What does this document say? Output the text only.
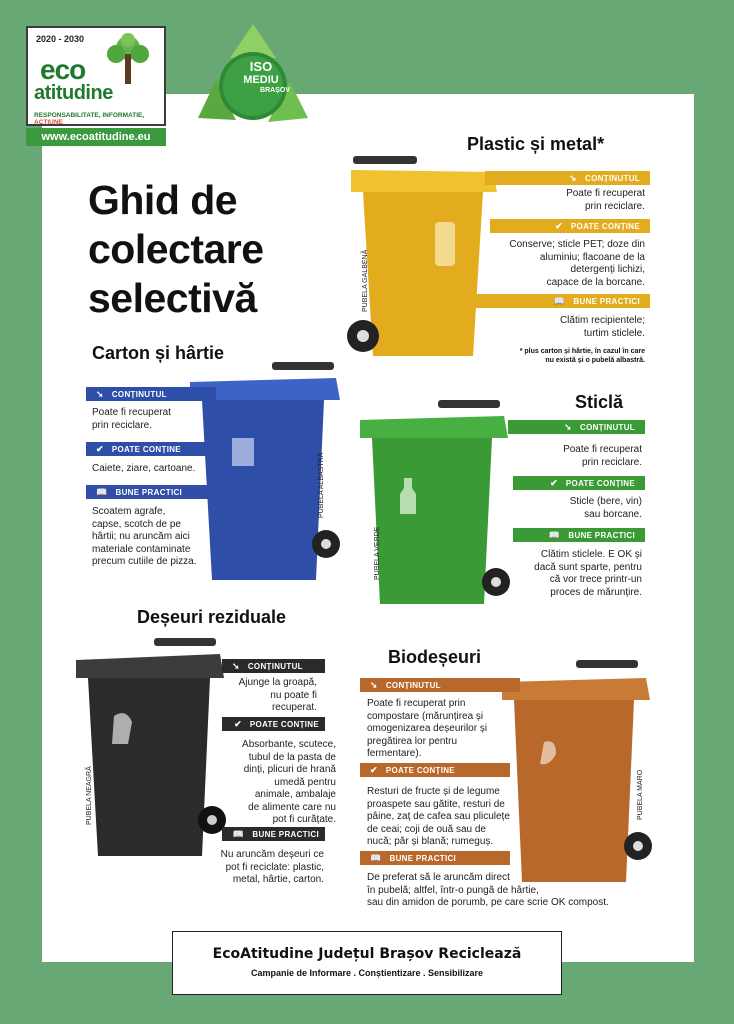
2020 - 2030
eco
atitudine
RESPONSABILITATE, INFORMATIE, ACTIUNE
www.ecoatitudine.eu
ISO
MEDIU
BRAȘOV
Ghid de
colectare
selectivă
Plastic și metal*
PUBELA GALBENĂ
➘ CONȚINUTUL
Poate fi recuperat
prin reciclare.
✔ POATE CONȚINE
Conserve; sticle PET; doze din
aluminiu; flacoane de la
detergenți lichizi,
capace de la borcane.
📖 BUNE PRACTICI
Clătim recipientele;
turtim sticlele.
* plus carton și hârtie, în cazul în care
nu există și o pubelă albastră.
Carton și hârtie
PUBELA ALBASTRĂ
➘ CONȚINUTUL
Poate fi recuperat
prin reciclare.
✔ POATE CONȚINE
Caiete, ziare, cartoane.
📖 BUNE PRACTICI
Scoatem agrafe,
capse, scotch de pe
hârtii; nu aruncăm aici
materiale contaminate
precum cutiile de pizza.
Sticlă
PUBELA VERDE
➘ CONȚINUTUL
Poate fi recuperat
prin reciclare.
✔ POATE CONȚINE
Sticle (bere, vin)
sau borcane.
📖 BUNE PRACTICI
Clătim sticlele. E OK și
dacă sunt sparte, pentru
că vor trece printr-un
proces de mărunțire.
Deșeuri reziduale
PUBELA NEAGRĂ
➘ CONȚINUTUL
Ajunge la groapă,
nu poate fi
recuperat.
✔ POATE CONȚINE
Absorbante, scutece,
tubul de la pasta de
dinți, plicuri de hrană
umedă pentru
animale, ambalaje
de alimente care nu
pot fi curățate.
📖 BUNE PRACTICI
Nu aruncăm deșeuri ce
pot fi reciclate: plastic,
metal, hârtie, carton.
Biodeșeuri
PUBELA MARO
➘ CONȚINUTUL
Poate fi recuperat prin
compostare (mărunțirea și
omogenizarea deșeurilor și
pregătirea lor pentru
fermentare).
✔ POATE CONȚINE
Resturi de fructe și de legume
proaspete sau gătite, resturi de
pâine, zaț de cafea sau pliculețe
de ceai; coji de ouă sau de
nucă; păr și blană; rumeguș.
📖 BUNE PRACTICI
De preferat să le aruncăm direct
în pubelă; altfel, într-o pungă de hârtie,
sau din amidon de porumb, pe care scrie OK compost.
EcoAtitudine Județul Brașov Reciclează
Campanie de Informare . Conștientizare . Sensibilizare
